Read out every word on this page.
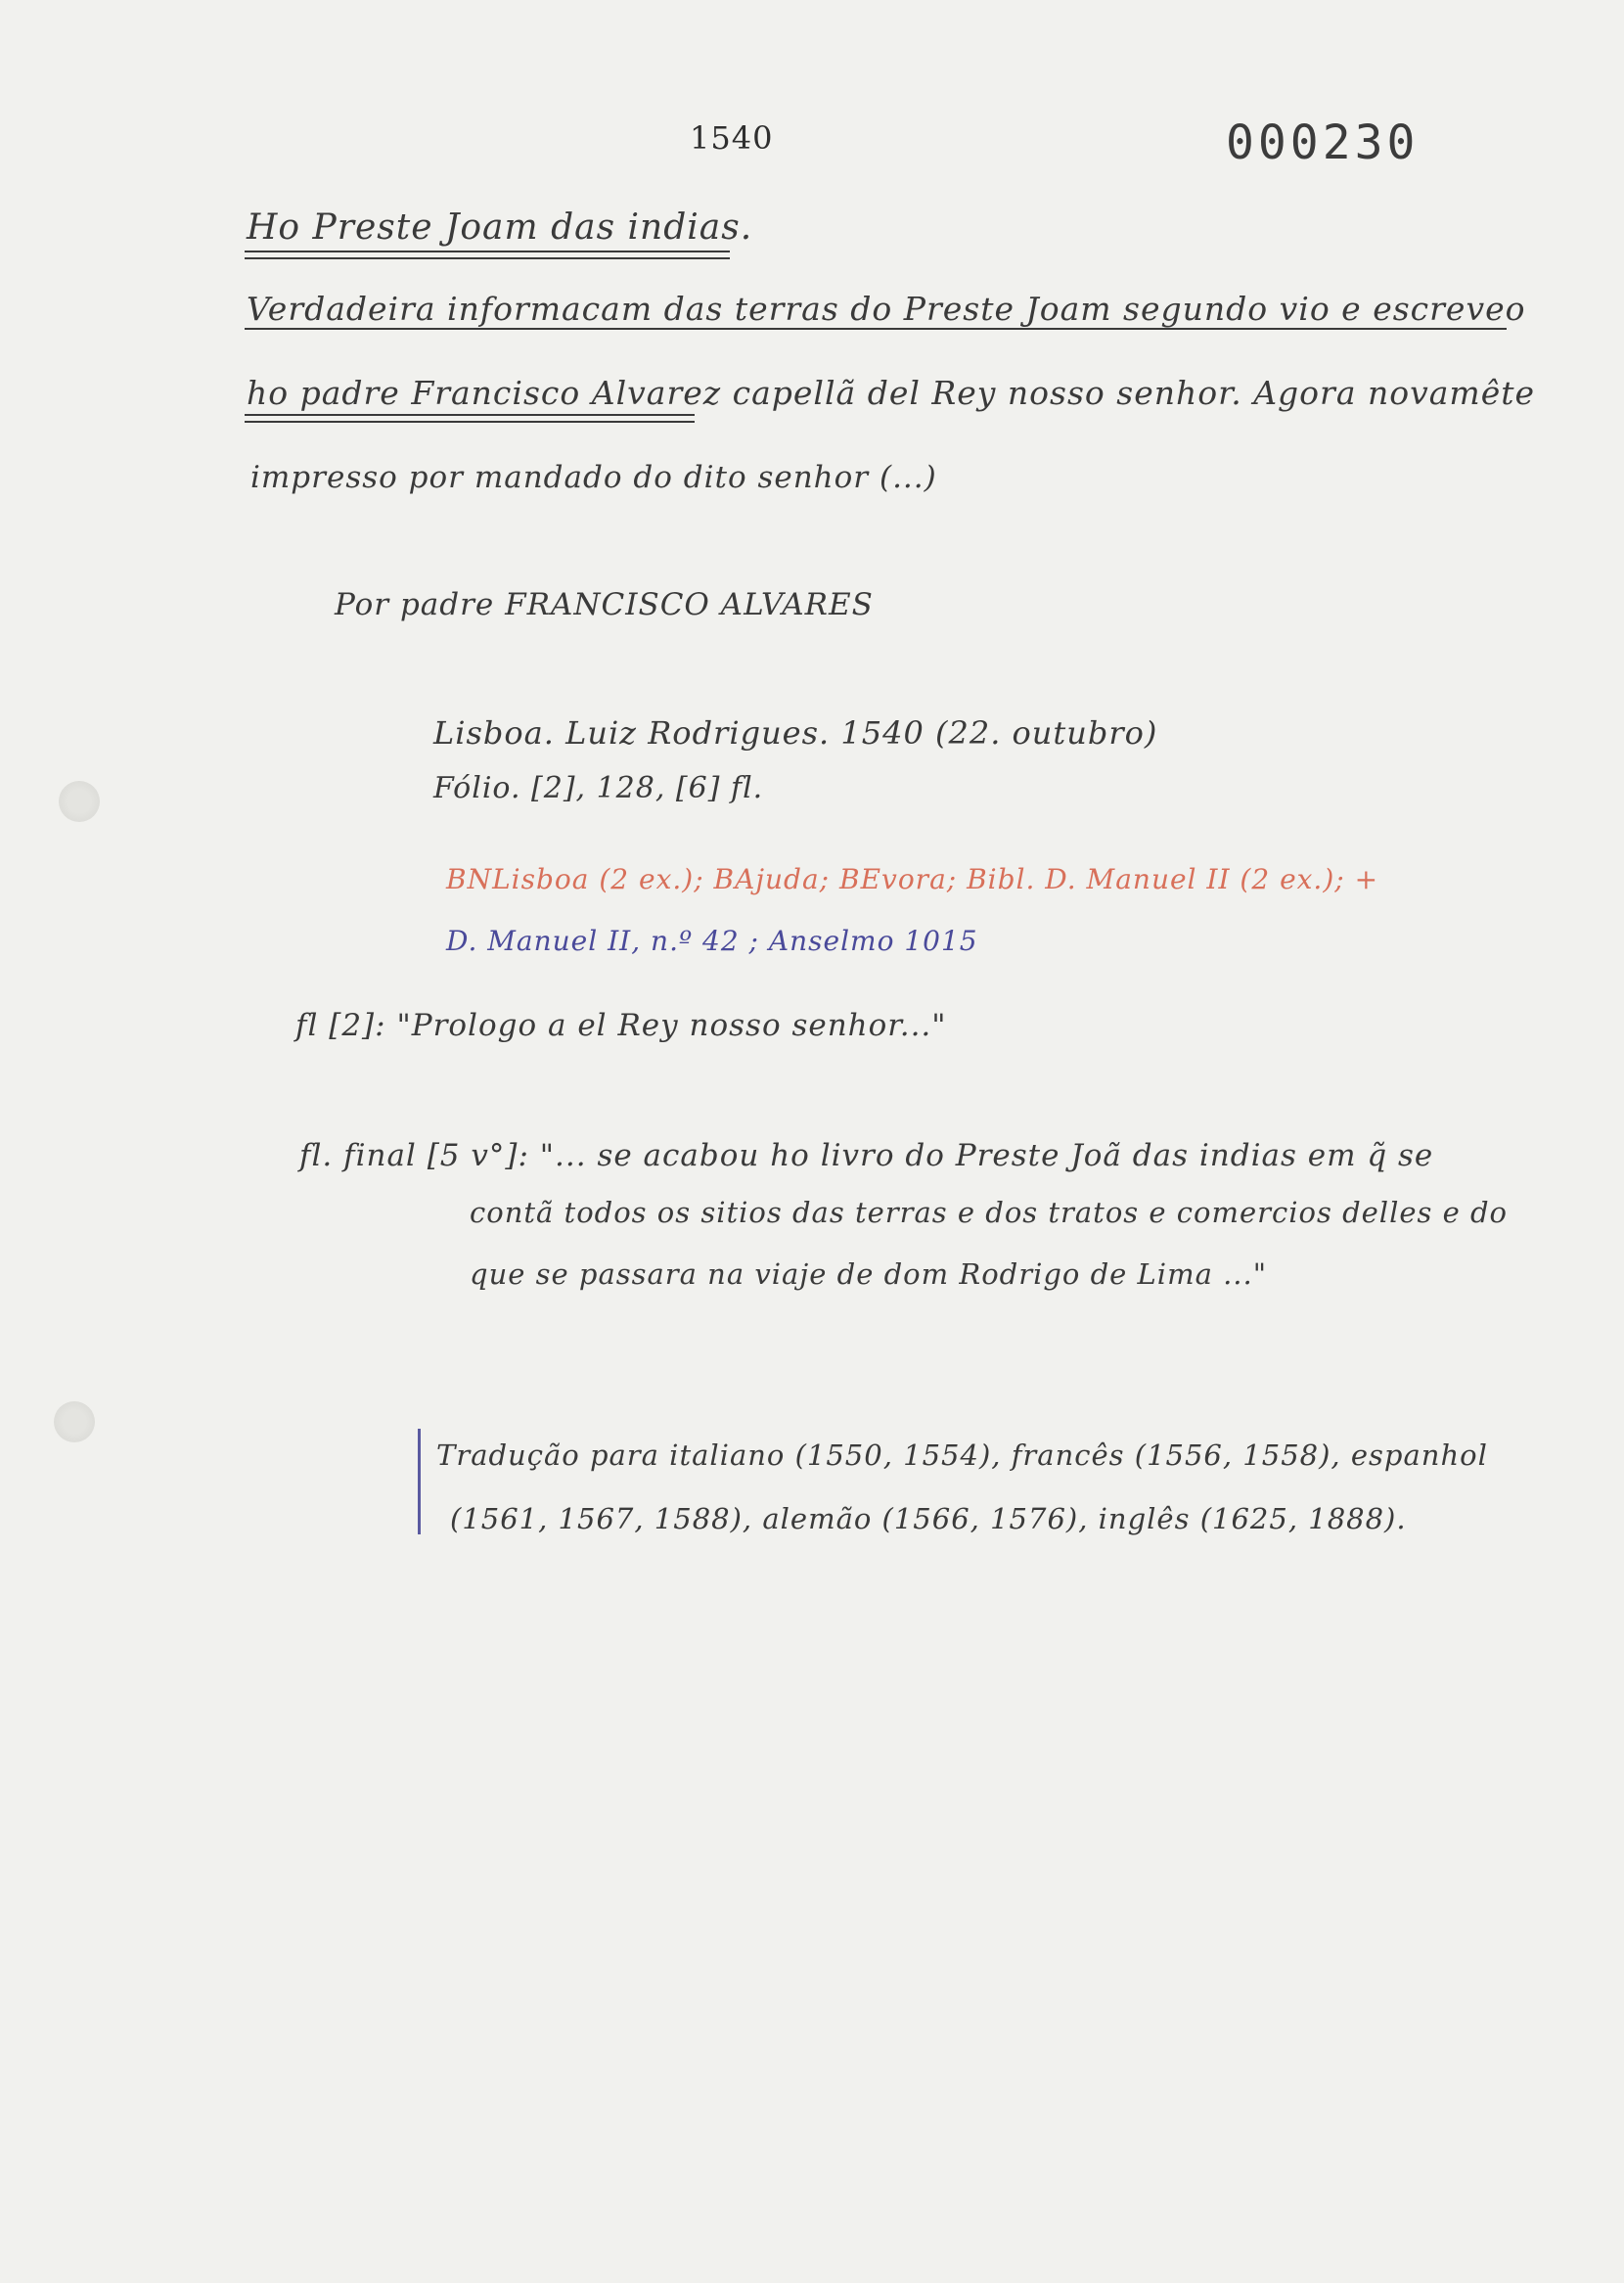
1540	000230
Ho Preste Joam das indias.
Verdadeira informacam das terras do Preste Joam segundo vio e escreveo
ho padre Francisco Alvarez capellã del Rey nosso senhor. Agora novamête
impresso por mandado do dito senhor (...)
Por padre FRANCISCO ALVARES
Lisboa. Luiz Rodrigues. 1540 (22. outubro)
Fólio. [2], 128, [6] fl.
BNLisboa (2 ex.); BAjuda; BEvora; Bibl. D. Manuel II (2 ex.); +
D. Manuel II, n.º 42 ; Anselmo 1015
fl [2]: "Prologo a el Rey nosso senhor..."
fl. final [5 v°]: "... se acabou ho livro do Preste Joã das indias em q̃ se
contã todos os sitios das terras e dos tratos e comercios delles e do
que se passara na viaje de dom Rodrigo de Lima ..."
Tradução para italiano (1550, 1554), francês (1556, 1558), espanhol
(1561, 1567, 1588), alemão (1566, 1576), inglês (1625, 1888).
